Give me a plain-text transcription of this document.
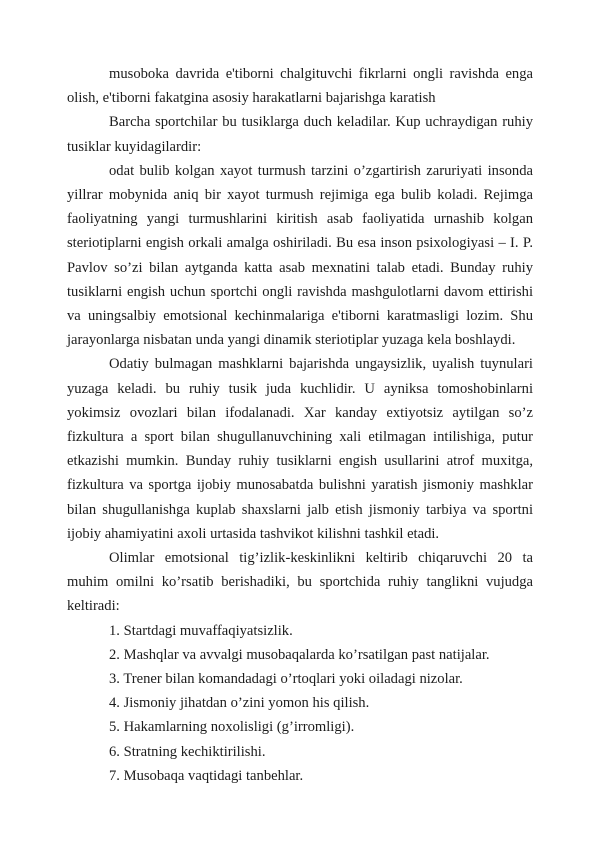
musoboka davrida e'tiborni chalgituvchi fikrlarni ongli ravishda enga olish, e'tiborni fakatgina asosiy harakatlarni bajarishga karatish

Barcha sportchilar bu tusiklarga duch keladilar. Kup uchraydigan ruhiy tusiklar kuyidagilardir:

odat bulib kolgan xayot turmush tarzini o’zgartirish zaruriyati insonda yillrar mobynida aniq bir xayot turmush rejimiga ega bulib koladi. Rejimga faoliyatning yangi turmushlarini kiritish asab faoliyatida urnashib kolgan steriotiplarni engish orkali amalga oshiriladi. Bu esa inson psixologiyasi – I. P. Pavlov so’zi bilan aytganda katta asab mexnatini talab etadi. Bunday ruhiy tusiklarni engish uchun sportchi ongli ravishda mashgulotlarni davom ettirishi va uningsalbiy emotsional kechinmalariga e'tiborni karatmasligi lozim. Shu jarayonlarga nisbatan unda yangi dinamik steriotiplar yuzaga kela boshlaydi.

Odatiy bulmagan mashklarni bajarishda ungaysizlik, uyalish tuynulari yuzaga keladi. bu ruhiy tusik juda kuchlidir. U ayniksa tomoshobinlarni yokimsiz ovozlari bilan ifodalanadi. Xar kanday extiyotsiz aytilgan so’z fizkultura a sport bilan shugullanuvchining xali etilmagan intilishiga, putur etkazishi mumkin. Bunday ruhiy tusiklarni engish usullarini atrof muxitga, fizkultura va sportga ijobiy munosabatda bulishni yaratish jismoniy mashklar bilan shugullanishga kuplab shaxslarni jalb etish jismoniy tarbiya va sportni ijobiy ahamiyatini axoli urtasida tashvikot kilishni tashkil etadi.

Olimlar emotsional tig’izlik-keskinlikni keltirib chiqaruvchi 20 ta muhim omilni ko’rsatib berishadiki, bu sportchida ruhiy tanglikni vujudga keltiradi:

1. Startdagi muvaffaqiyatsizlik.
2. Mashqlar va avvalgi musobaqalarda ko’rsatilgan past natijalar.
3. Trener bilan komandadagi o’rtoqlari yoki oiladagi nizolar.
4. Jismoniy jihatdan o’zini yomon his qilish.
5. Hakamlarning noxolisligi (g’irromligi).
6. Stratning kechiktirilishi.
7. Musobaqa vaqtidagi tanbehlar.
